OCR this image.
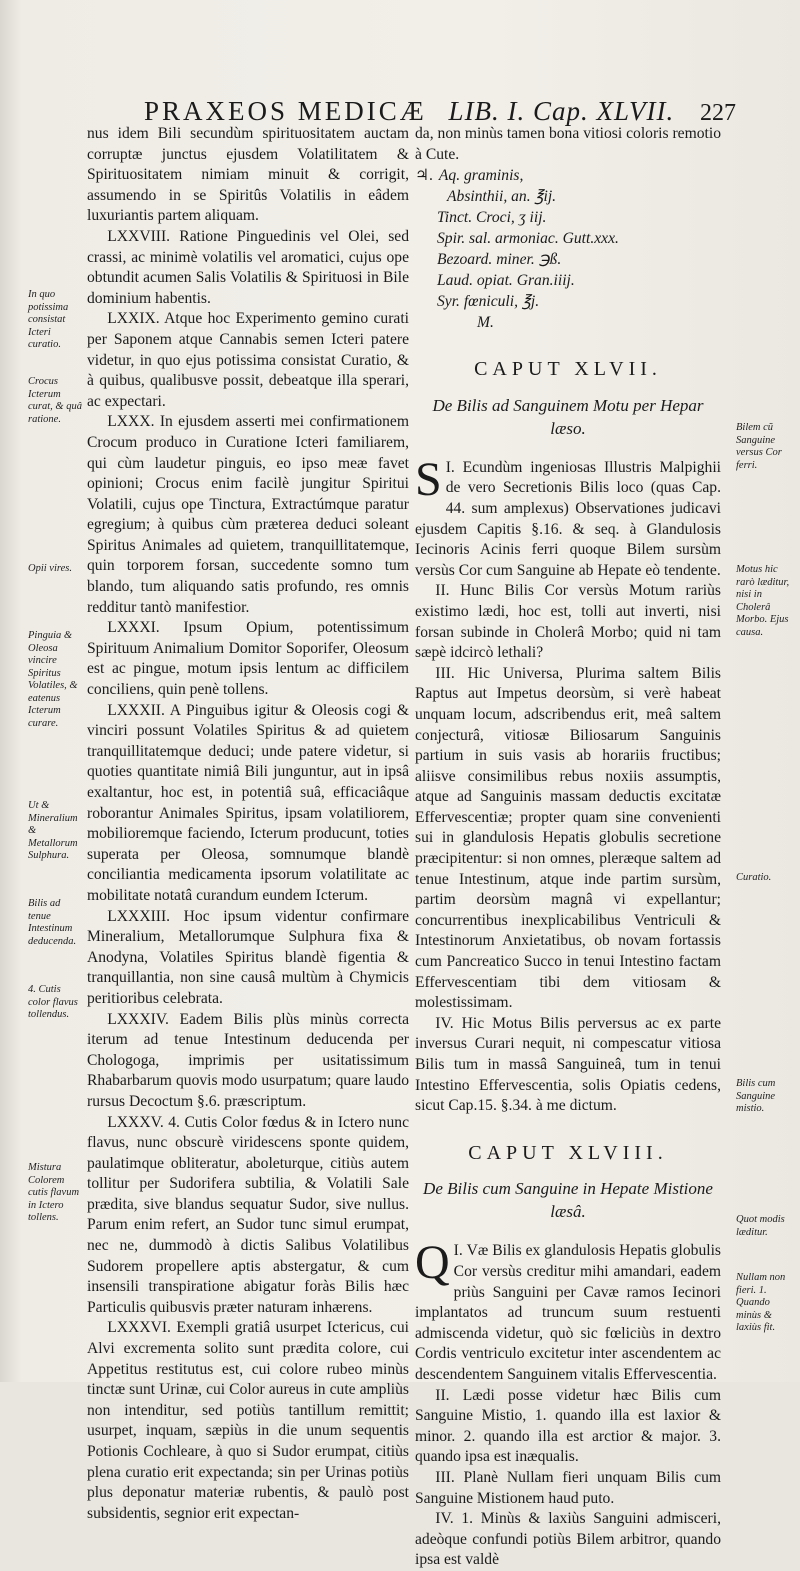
PRAXEOS MEDICÆ LIB. I. Cap. XLVII.	227

nus idem Bili secundùm spirituositatem auctam corruptæ junctus ejusdem Volatilitatem & Spirituositatem nimiam minuit & corrigit, assumendo in se Spiritûs Volatilis in eâdem luxuriantis partem aliquam.

LXXVIII. Ratione Pinguedinis vel Olei, sed crassi, ac minimè volatilis vel aromatici, cujus ope obtundit acumen Salis Volatilis & Spirituosi in Bile dominium habentis.

LXXIX. Atque hoc Experimento gemino curati per Saponem atque Cannabis semen Icteri patere videtur, in quo ejus potissima consistat Curatio, & à quibus, qualibusve possit, debeatque illa sperari, ac expectari.

LXXX. In ejusdem asserti mei confirmationem Crocum produco in Curatione Icteri familiarem, qui cùm laudetur pinguis, eo ipso meæ favet opinioni; Crocus enim facilè jungitur Spiritui Volatili, cujus ope Tinctura, Extractúmque paratur egregium; à quibus cùm præterea deduci soleant Spiritus Animales ad quietem, tranquillitatemque, quin torporem forsan, succedente somno tum blando, tum aliquando satis profundo, res omnis redditur tantò manifestior.

LXXXI. Ipsum Opium, potentissimum Spirituum Animalium Domitor Soporifer, Oleosum est ac pingue, motum ipsis lentum ac difficilem conciliens, quin penè tollens.

LXXXII. A Pinguibus igitur & Oleosis cogi & vinciri possunt Volatiles Spiritus & ad quietem tranquillitatemque deduci; unde patere videtur, si quoties quantitate nimiâ Bili junguntur, aut in ipsâ exaltantur, hoc est, in potentiâ suâ, efficaciâque roborantur Animales Spiritus, ipsam volatiliorem, mobilioremque faciendo, Icterum producunt, toties superata per Oleosa, somnumque blandè conciliantia medicamenta ipsorum volatilitate ac mobilitate notatâ curandum eundem Icterum.

LXXXIII. Hoc ipsum videntur confirmare Mineralium, Metallorumque Sulphura fixa & Anodyna, Volatiles Spiritus blandè figentia & tranquillantia, non sine causâ multùm à Chymicis peritioribus celebrata.

LXXXIV. Eadem Bilis plùs minùs correcta iterum ad tenue Intestinum deducenda per Chologoga, imprimis per usitatissimum Rhabarbarum quovis modo usurpatum; quare laudo rursus Decoctum §.6. præscriptum.

LXXXV. 4. Cutis Color fœdus & in Ictero nunc flavus, nunc obscurè viridescens sponte quidem, paulatimque obliteratur, aboleturque, citiùs autem tollitur per Sudorifera subtilia, & Volatili Sale prædita, sive blandus sequatur Sudor, sive nullus. Parum enim refert, an Sudor tunc simul erumpat, nec ne, dummodò à dictis Salibus Volatilibus Sudorem propellere aptis abstergatur, & cum insensili transpiratione abigatur foràs Bilis hæc Particulis quibusvis præter naturam inhærens.

LXXXVI. Exempli gratiâ usurpet Ictericus, cui Alvi excrementa solito sunt prædita colore, cui Appetitus restitutus est, cui colore rubeo minùs tinctæ sunt Urinæ, cui Color aureus in cute ampliùs non intenditur, sed potiùs tantillum remittit; usurpet, inquam, sæpiùs in die unum sequentis Potionis Cochleare, à quo si Sudor erumpat, citiùs plena curatio erit expectanda; sin per Urinas potiùs plus deponatur materiæ rubentis, & paulò post subsidentis, segnior erit expectan-

In quo potissima consistat Icteri curatio.
Crocus Icterum curat, & quâ ratione.
Opii vires.
Pinguia & Oleosa vincire Spiritus Volatiles, & eatenus Icterum curare.
Ut & Mineralium & Metallorum Sulphura.
Bilis ad tenue Intestinum deducenda.
4. Cutis color flavus tollendus.
Mistura Colorem cutis flavum in Ictero tollens.

da, non minùs tamen bona vitiosi coloris remotio à Cute.

♃. Aq. graminis,
Absinthii, an. ℥ij.
Tinct. Croci, ʒ iij.
Spir. sal. armoniac. Gutt.xxx.
Bezoard. miner. ℈ß.
Laud. opiat. Gran.iiij.
Syr. fœniculi, ℥j.
M.
CAPUT XLVII.
De Bilis ad Sanguinem Motu per Hepar læso.

I.
S Ecundùm ingeniosas Illustris Malpighii de vero Secretionis Bilis loco (quas Cap. 44. sum amplexus) Observationes judicavi ejusdem Capitis §.16. & seq. à Glandulosis Iecinoris Acinis ferri quoque Bilem sursùm versùs Cor cum Sanguine ab Hepate eò tendente.

II. Hunc Bilis Cor versùs Motum rariùs existimo lædi, hoc est, tolli aut inverti, nisi forsan subinde in Cholerâ Morbo; quid ni tam sæpè idcircò lethali?

III. Hic Universa, Plurima saltem Bilis Raptus aut Impetus deorsùm, si verè habeat unquam locum, adscribendus erit, meâ saltem conjecturâ, vitiosæ Biliosarum Sanguinis partium in suis vasis ab horariis fructibus; aliisve consimilibus rebus noxiis assumptis, atque ad Sanguinis massam deductis excitatæ Effervescentiæ; propter quam sine convenienti sui in glandulosis Hepatis globulis secretione præcipitentur: si non omnes, pleræque saltem ad tenue Intestinum, atque inde partim sursùm, partim deorsùm magnâ vi expellantur; concurrentibus inexplicabilibus Ventriculi & Intestinorum Anxietatibus, ob novam fortassis cum Pancreatico Succo in tenui Intestino factam Effervescentiam tibi dem vitiosam & molestissimam.

IV. Hic Motus Bilis perversus ac ex parte inversus Curari nequit, ni compescatur vitiosa Bilis tum in massâ Sanguineâ, tum in tenui Intestino Effervescentia, solis Opiatis cedens, sicut Cap.15. §.34. à me dictum.

CAPUT XLVIII.
De Bilis cum Sanguine in Hepate Mistione læsâ.

I.
Q Væ Bilis ex glandulosis Hepatis globulis Cor versùs creditur mihi amandari, eadem priùs Sanguini per Cavæ ramos Iecinori implantatos ad truncum suum restuenti admiscenda videtur, quò sic fœliciùs in dextro Cordis ventriculo excitetur inter ascendentem ac descendentem Sanguinem vitalis Effervescentia.

II. Lædi posse videtur hæc Bilis cum Sanguine Mistio, 1. quando illa est laxior & minor. 2. quando illa est arctior & major. 3. quando ipsa est inæqualis.

III. Planè Nullam fieri unquam Bilis cum Sanguine Mistionem haud puto.

IV. 1. Minùs & laxiùs Sanguini admisceri, adeòque confundi potiùs Bilem arbitror, quando ipsa est valdè

Bilem cũ Sanguine versus Cor ferri.
Motus hic rarò læditur, nisi in Cholerâ Morbo. Ejus causa.
Curatio.
Bilis cum Sanguine mistio.
Quot modis læditur.
Nullam non fieri. 1. Quando minùs & laxiùs fit.
